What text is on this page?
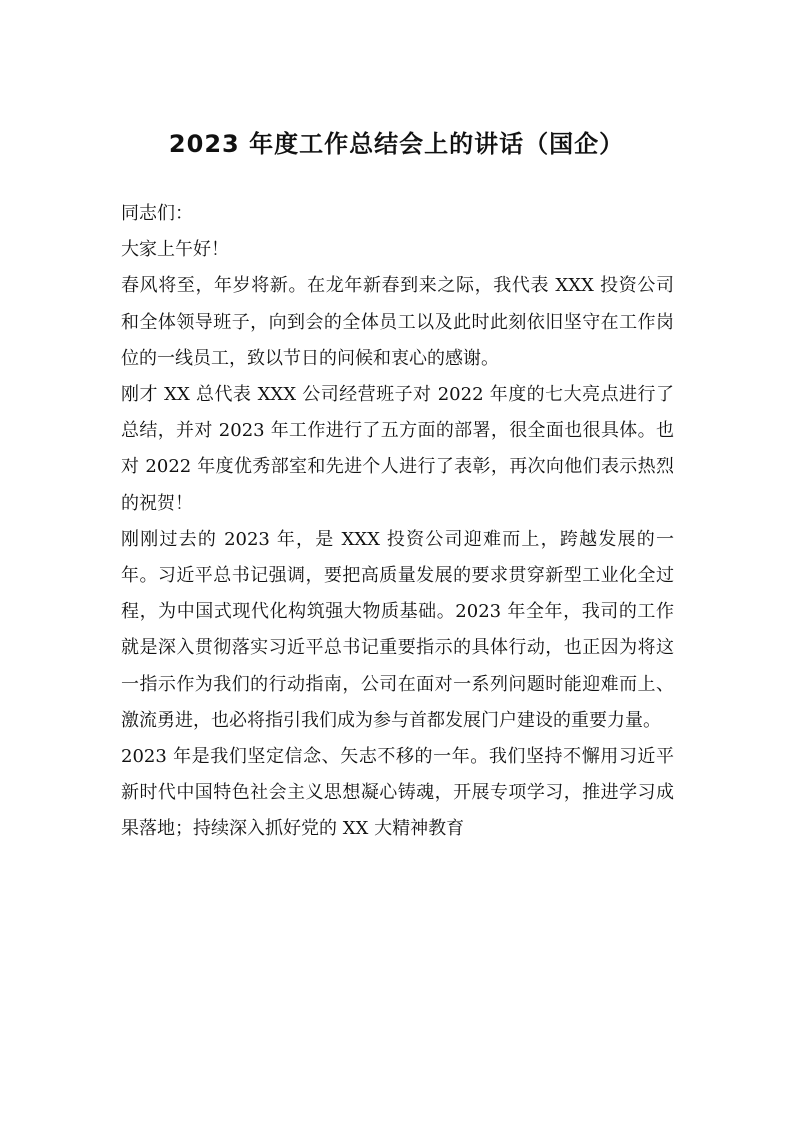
2023 年度工作总结会上的讲话（国企）

同志们：

大家上午好！

春风将至，年岁将新。在龙年新春到来之际，我代表 XXX 投资公司和全体领导班子，向到会的全体员工以及此时此刻依旧坚守在工作岗位的一线员工，致以节日的问候和衷心的感谢。

刚才 XX 总代表 XXX 公司经营班子对 2022 年度的七大亮点进行了总结，并对 2023 年工作进行了五方面的部署，很全面也很具体。也对 2022 年度优秀部室和先进个人进行了表彰，再次向他们表示热烈的祝贺！

刚刚过去的 2023 年，是 XXX 投资公司迎难而上，跨越发展的一年。习近平总书记强调，要把高质量发展的要求贯穿新型工业化全过程，为中国式现代化构筑强大物质基础。2023 年全年，我司的工作就是深入贯彻落实习近平总书记重要指示的具体行动，也正因为将这一指示作为我们的行动指南，公司在面对一系列问题时能迎难而上、激流勇进，也必将指引我们成为参与首都发展门户建设的重要力量。

2023 年是我们坚定信念、矢志不移的一年。我们坚持不懈用习近平新时代中国特色社会主义思想凝心铸魂，开展专项学习，推进学习成果落地；持续深入抓好党的 XX 大精神教育
